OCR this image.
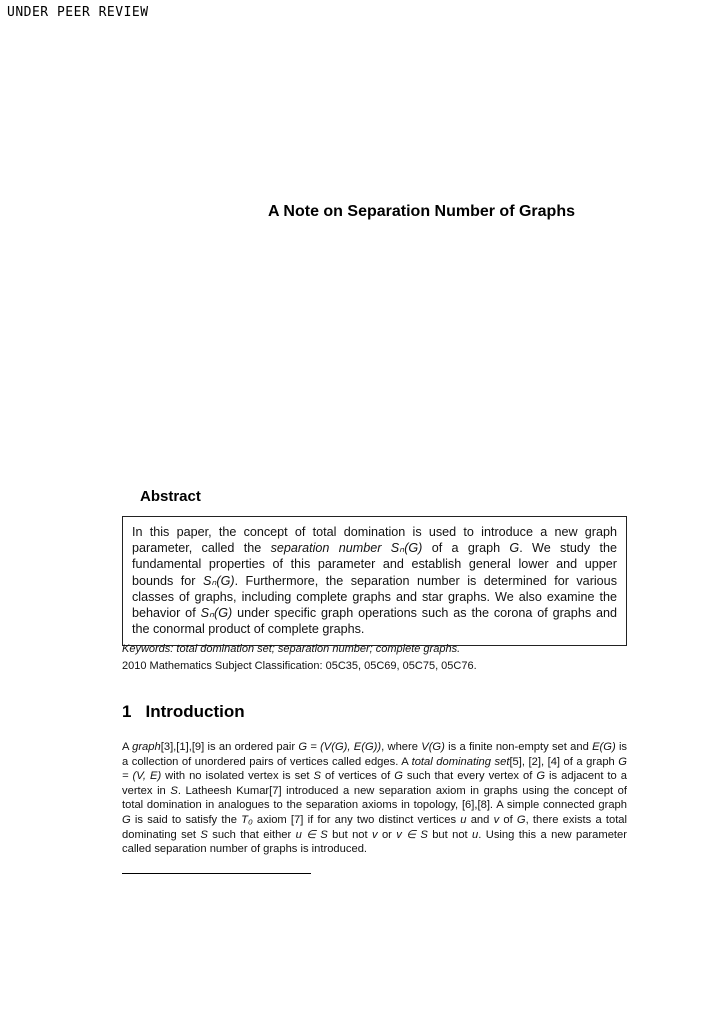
UNDER PEER REVIEW
A Note on Separation Number of Graphs
Abstract
In this paper, the concept of total domination is used to introduce a new graph parameter, called the separation number Sₙ(G) of a graph G. We study the fundamental properties of this parameter and establish general lower and upper bounds for Sₙ(G). Furthermore, the separation number is determined for various classes of graphs, including complete graphs and star graphs. We also examine the behavior of Sₙ(G) under specific graph operations such as the corona of graphs and the conormal product of complete graphs.
Keywords: total domination set; separation number; complete graphs.
2010 Mathematics Subject Classification: 05C35, 05C69, 05C75, 05C76.
1 Introduction
A graph[3],[1],[9] is an ordered pair G = (V(G), E(G)), where V(G) is a finite non-empty set and E(G) is a collection of unordered pairs of vertices called edges. A total dominating set[5], [2], [4] of a graph G = (V, E) with no isolated vertex is set S of vertices of G such that every vertex of G is adjacent to a vertex in S. Latheesh Kumar[7] introduced a new separation axiom in graphs using the concept of total domination in analogues to the separation axioms in topology, [6],[8]. A simple connected graph G is said to satisfy the T₀ axiom [7] if for any two distinct vertices u and v of G, there exists a total dominating set S such that either u ∈ S but not v or v ∈ S but not u. Using this a new parameter called separation number of graphs is introduced.
